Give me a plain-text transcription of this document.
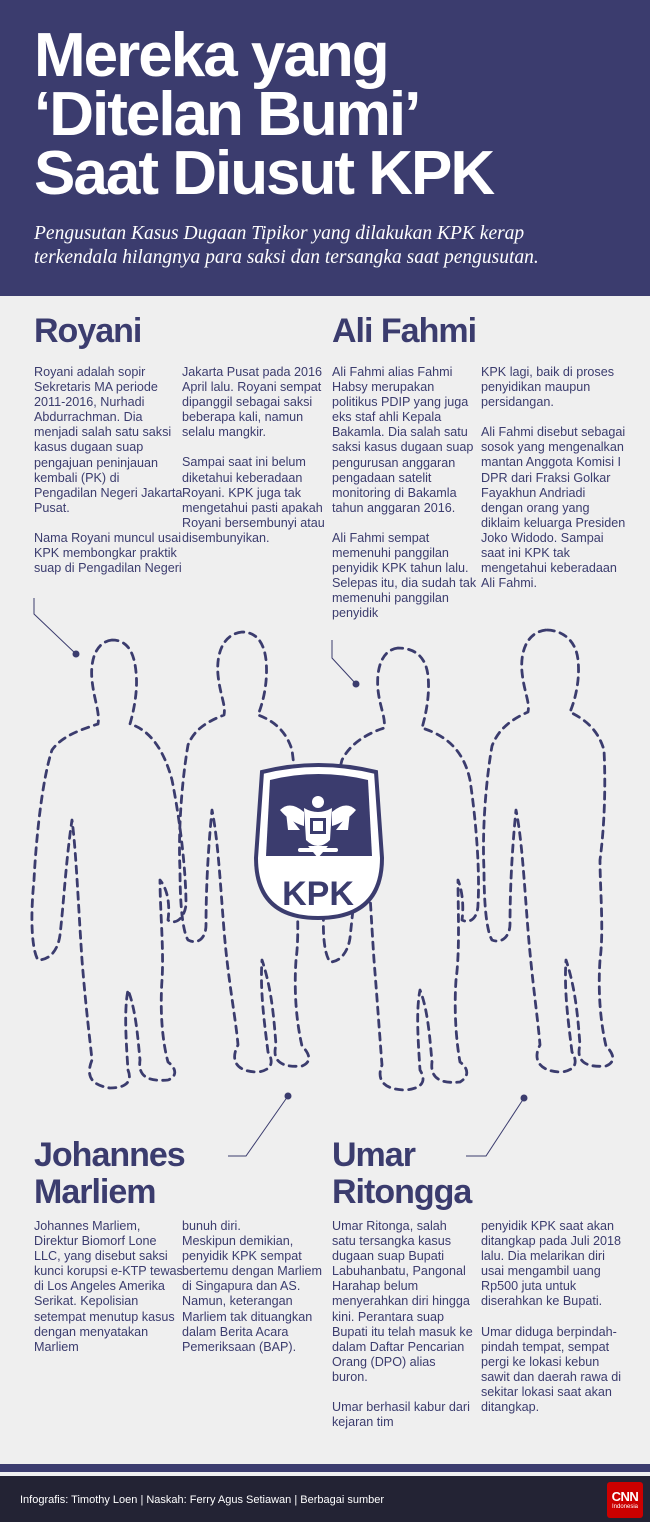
Mereka yang
‘Ditelan Bumi’
Saat Diusut KPK
Pengusutan Kasus Dugaan Tipikor yang dilakukan KPK kerap
terkendala hilangnya para saksi dan tersangka saat pengusutan.
KPK
Royani

Royani adalah sopir Sekretaris MA periode 2011-2016, Nurhadi Abdurrachman. Dia menjadi salah satu saksi kasus dugaan suap pengajuan peninjauan kembali (PK) di Pengadilan Negeri Jakarta Pusat.

Nama Royani muncul usai KPK membongkar praktik suap di Pengadilan Negeri

Jakarta Pusat pada 2016 April lalu. Royani sempat dipanggil sebagai saksi beberapa kali, namun selalu mangkir.

Sampai saat ini belum diketahui keberadaan Royani. KPK juga tak mengetahui pasti apakah Royani bersembunyi atau disembunyikan.

Ali Fahmi

Ali Fahmi alias Fahmi Habsy merupakan politikus PDIP yang juga eks staf ahli Kepala Bakamla. Dia salah satu saksi kasus dugaan suap pengurusan anggaran pengadaan satelit monitoring di Bakamla tahun anggaran 2016.

Ali Fahmi sempat memenuhi panggilan penyidik KPK tahun lalu. Selepas itu, dia sudah tak memenuhi panggilan penyidik

KPK lagi, baik di proses penyidikan maupun persidangan.

Ali Fahmi disebut sebagai sosok yang mengenalkan mantan Anggota Komisi I DPR dari Fraksi Golkar Fayakhun Andriadi dengan orang yang diklaim keluarga Presiden Joko Widodo. Sampai saat ini KPK tak mengetahui keberadaan Ali Fahmi.

Johannes
Marliem

Johannes Marliem, Direktur Biomorf Lone LLC, yang disebut saksi kunci korupsi e-KTP tewas di Los Angeles Amerika Serikat. Kepolisian setempat menutup kasus dengan menyatakan Marliem

bunuh diri.

Meskipun demikian, penyidik KPK sempat bertemu dengan Marliem di Singapura dan AS. Namun, keterangan Marliem tak dituangkan dalam Berita Acara Pemeriksaan (BAP).

Umar
Ritongga

Umar Ritonga, salah satu tersangka kasus dugaan suap Bupati Labuhanbatu, Pangonal Harahap belum menyerahkan diri hingga kini. Perantara suap Bupati itu telah masuk ke dalam Daftar Pencarian Orang (DPO) alias buron.

Umar berhasil kabur dari kejaran tim

penyidik KPK saat akan ditangkap pada Juli 2018 lalu. Dia melarikan diri usai mengambil uang Rp500 juta untuk diserahkan ke Bupati.

Umar diduga berpindah-pindah tempat, sempat pergi ke lokasi kebun sawit dan daerah rawa di sekitar lokasi saat akan ditangkap.

Infografis: Timothy Loen | Naskah: Ferry Agus Setiawan | Berbagai sumber	CNN
Indonesia
